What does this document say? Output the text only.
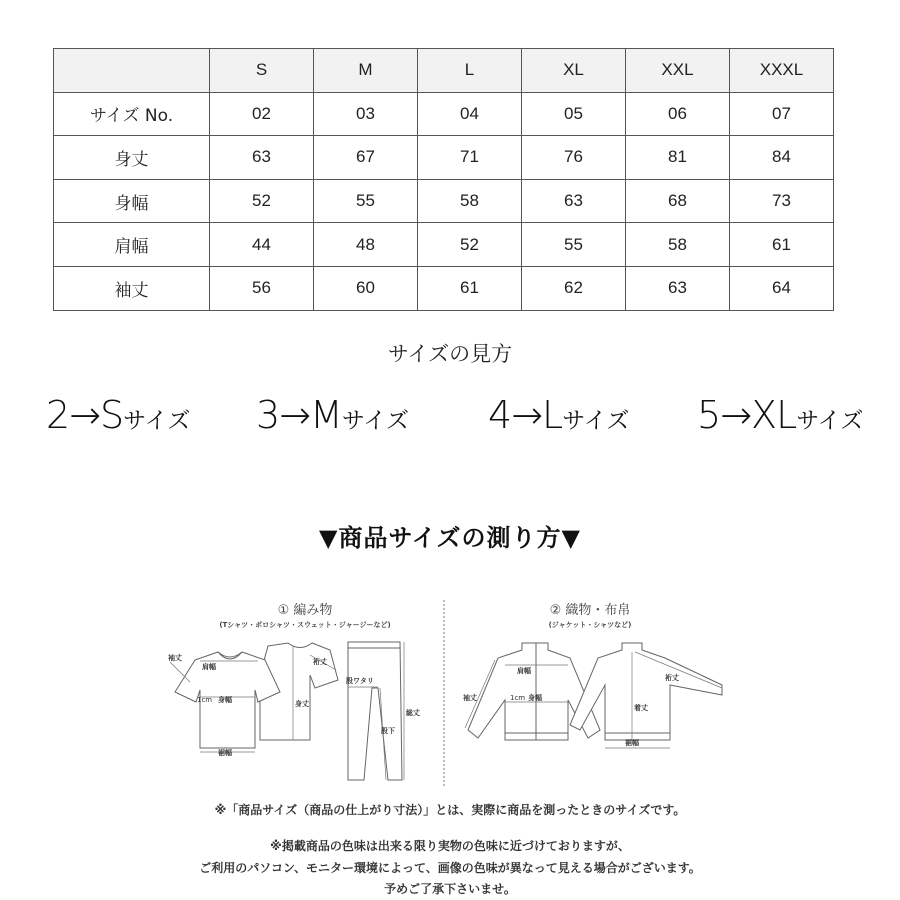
	S	M	L	XL	XXL	XXXL
サイズ No.	02	03	04	05	06	07
身丈	63	67	71	76	81	84
身幅	52	55	58	63	68	73
肩幅	44	48	52	55	58	61
袖丈	56	60	61	62	63	64
サイズの見方
2→Sサイズ 3→Mサイズ 4→Lサイズ 5→XLサイズ
▼商品サイズの測り方▼
① 編み物
(Tシャツ・ポロシャツ・スウェット・ジャージーなど)
② 織物・布帛
(ジャケット・シャツなど)
袖丈
肩幅
1cm 身幅	身丈
裄丈
裾幅
股ワタリ
総丈
股下
肩幅
袖丈	1cm 身幅
着丈
裄丈
裾幅
※「商品サイズ（商品の仕上がり寸法）」とは、実際に商品を測ったときのサイズです。
※掲載商品の色味は出来る限り実物の色味に近づけておりますが、
ご利用のパソコン、モニター環境によって、画像の色味が異なって見える場合がございます。
予めご了承下さいませ。
